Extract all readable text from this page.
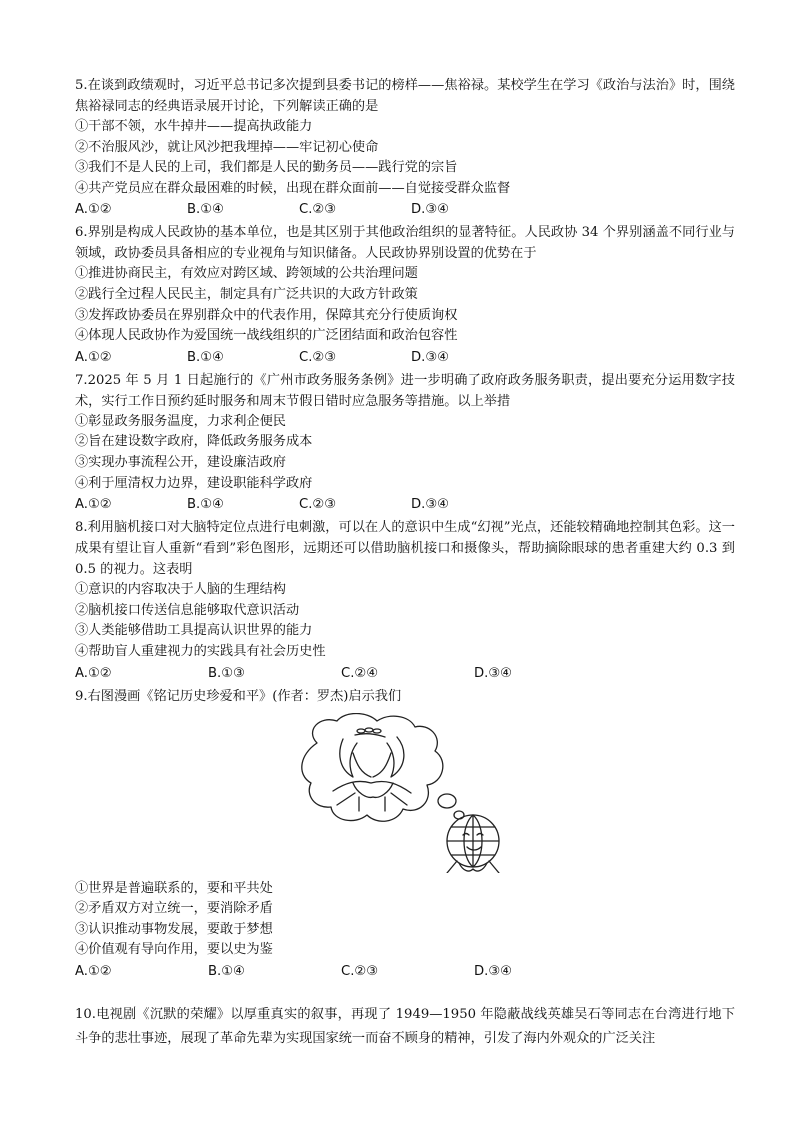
5.在谈到政绩观时，习近平总书记多次提到县委书记的榜样——焦裕禄。某校学生在学习《政治与法治》时，围绕焦裕禄同志的经典语录展开讨论，下列解读正确的是

①干部不领，水牛掉井——提高执政能力

②不治服风沙，就让风沙把我埋掉——牢记初心使命

③我们不是人民的上司，我们都是人民的勤务员——践行党的宗旨

④共产党员应在群众最困难的时候，出现在群众面前——自觉接受群众监督

A.①②	B.①④	C.②③	D.③④

6.界别是构成人民政协的基本单位，也是其区别于其他政治组织的显著特征。人民政协 34 个界别涵盖不同行业与领域，政协委员具备相应的专业视角与知识储备。人民政协界别设置的优势在于

①推进协商民主，有效应对跨区域、跨领域的公共治理问题

②践行全过程人民民主，制定具有广泛共识的大政方针政策

③发挥政协委员在界别群众中的代表作用，保障其充分行使质询权

④体现人民政协作为爱国统一战线组织的广泛团结面和政治包容性

A.①②	B.①④	C.②③	D.③④

7.2025 年 5 月 1 日起施行的《广州市政务服务条例》进一步明确了政府政务服务职责，提出要充分运用数字技术，实行工作日预约延时服务和周末节假日错时应急服务等措施。以上举措

①彰显政务服务温度，力求利企便民

②旨在建设数字政府，降低政务服务成本

③实现办事流程公开，建设廉洁政府

④利于厘清权力边界，建设职能科学政府

A.①②	B.①④	C.②③	D.③④

8.利用脑机接口对大脑特定位点进行电刺激，可以在人的意识中生成“幻视”光点，还能较精确地控制其色彩。这一成果有望让盲人重新“看到”彩色图形，远期还可以借助脑机接口和摄像头，帮助摘除眼球的患者重建大约 0.3 到 0.5 的视力。这表明

①意识的内容取决于人脑的生理结构

②脑机接口传送信息能够取代意识活动

③人类能够借助工具提高认识世界的能力

④帮助盲人重建视力的实践具有社会历史性

A.①②	B.①③	C.②④	D.③④

9.右图漫画《铭记历史珍爱和平》(作者：罗杰)启示我们

①世界是普遍联系的，要和平共处

②矛盾双方对立统一，要消除矛盾

③认识推动事物发展，要敢于梦想

④价值观有导向作用，要以史为鉴

A.①②	B.①④	C.②③	D.③④

10.电视剧《沉默的荣耀》以厚重真实的叙事，再现了 1949—1950 年隐蔽战线英雄吴石等同志在台湾进行地下斗争的悲壮事迹，展现了革命先辈为实现国家统一而奋不顾身的精神，引发了海内外观众的广泛关注
